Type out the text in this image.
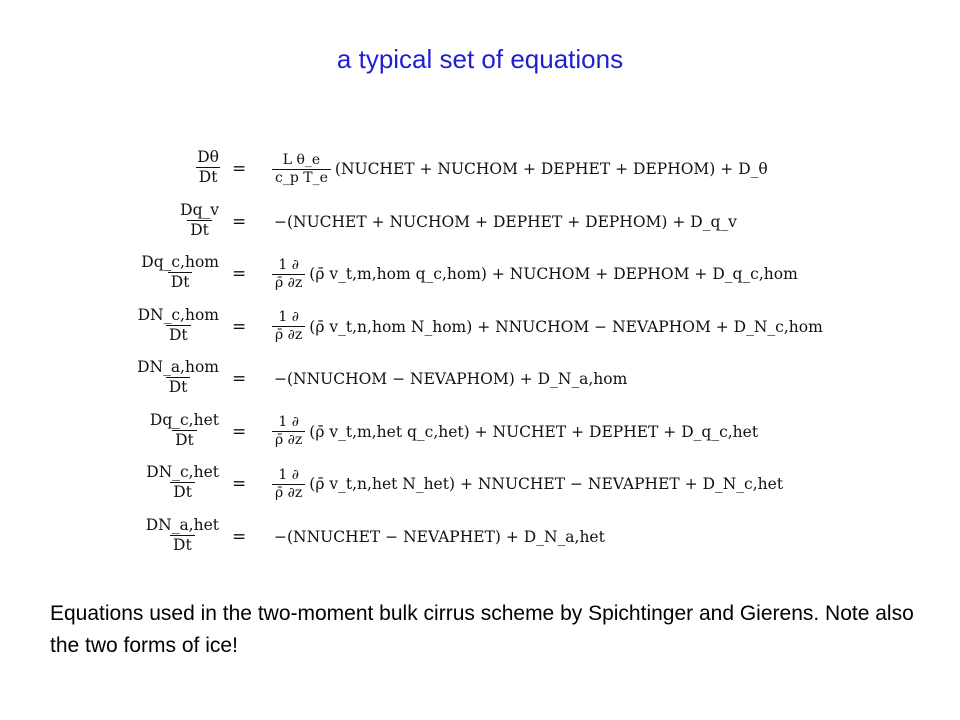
a typical set of equations
$\frac{D\theta}{Dt} = \frac{\text{L θ\_e}}{\text{c\_p T\_e}}$ (NUCHET + NUCHOM + DEPHET + DEPHOM) + D_θ
$\frac{Dq\_v}{Dt}$ = −(NUCHET + NUCHOM + DEPHET + DEPHOM) + D_q_v
$\frac{\text{Dq\_c,hom}}{Dt} = \frac{1 \partial}{\rhō \partial z}$ (ρ̄ v_t,m,hom q_c,hom) + NUCHOM + DEPHOM + D_q_c,hom
$\frac{\text{DN\_c,hom}}{Dt} = \frac{1 \partial}{\rhō \partial z}$ (ρ̄ v_t,n,hom N_hom) + NNUCHOM − NEVAPHOM + D_N_c,hom
$\frac{\text{DN\_a,hom}}{Dt}$ = −(NNUCHOM − NEVAPHOM) + D_N_a,hom
$\frac{\text{Dq\_c,het}}{Dt} = \frac{1 \partial}{\rhō \partial z}$ (ρ̄ v_t,m,het q_c,het) + NUCHET + DEPHET + D_q_c,het
$\frac{\text{DN\_c,het}}{Dt} = \frac{1 \partial}{\rhō \partial z}$ (ρ̄ v_t,n,het N_het) + NNUCHET − NEVAPHET + D_N_c,het
$\frac{\text{DN\_a,het}}{Dt}$ = −(NNUCHET − NEVAPHET) + D_N_a,het
Equations used in the two-moment bulk cirrus scheme by Spichtinger and Gierens. Note also the two forms of ice!
